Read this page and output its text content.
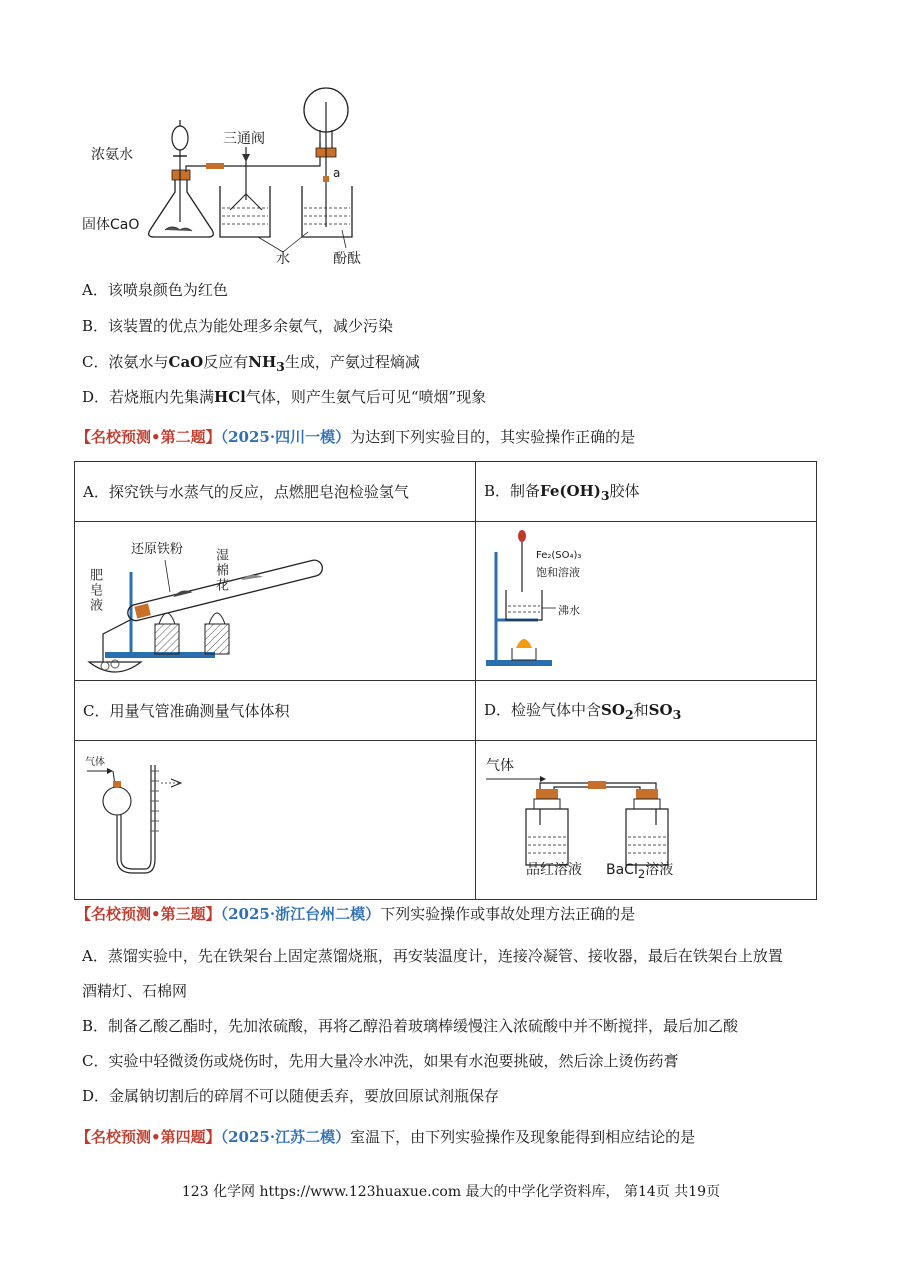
浓氨水
三通阀
固体CaO
水	酚酞
a
A．该喷泉颜色为红色
B．该装置的优点为能处理多余氨气，减少污染
C．浓氨水与CaO反应有$NH_3$生成，产氨过程熵减
D．若烧瓶内先集满HCl气体，则产生氨气后可见“喷烟”现象
【名校预测•第二题】（2025·四川一模）为达到下列实验目的，其实验操作正确的是
A．探究铁与水蒸气的反应，点燃肥皂泡检验氢气	B．制备$Fe(OH)_3$胶体

还原铁粉 湿棉花
肥皂液	Fe₂(SO₄)₃
饱和溶液
沸水

C．用量气管准确测量气体体积	D．检验气体中含$SO_2$和$SO_3$

气体	气体
品红溶液 BaCl$_2$溶液
【名校预测•第三题】（2025·浙江台州二模）下列实验操作或事故处理方法正确的是
A．蒸馏实验中，先在铁架台上固定蒸馏烧瓶，再安装温度计，连接冷凝管、接收器，最后在铁架台上放置
酒精灯、石棉网
B．制备乙酸乙酯时，先加浓硫酸，再将乙醇沿着玻璃棒缓慢注入浓硫酸中并不断搅拌，最后加乙酸
C．实验中轻微烫伤或烧伤时，先用大量冷水冲洗，如果有水泡要挑破，然后涂上烫伤药膏
D．金属钠切割后的碎屑不可以随便丢弃，要放回原试剂瓶保存
【名校预测•第四题】（2025·江苏二模）室温下，由下列实验操作及现象能得到相应结论的是
123 化学网 https://www.123huaxue.com 最大的中学化学资料库， 第14页 共19页
